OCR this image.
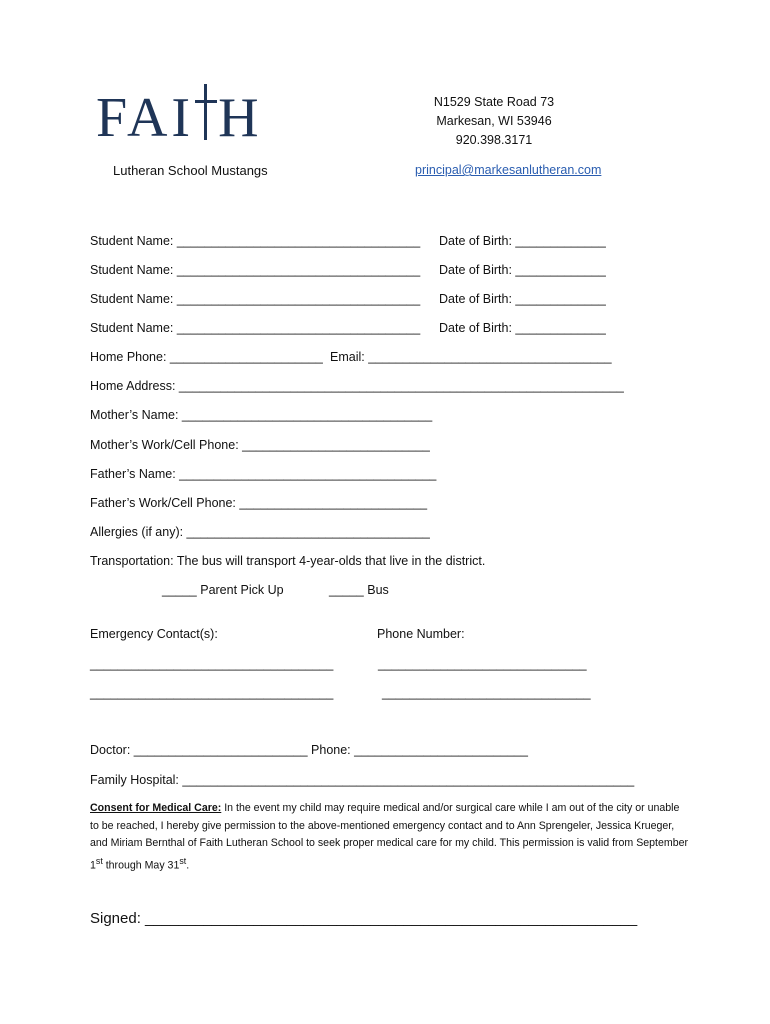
FAI H
Lutheran School Mustangs
N1529 State Road 73
Markesan, WI 53946
920.398.3171
principal@markesanlutheran.com
Student Name: ___________________________________ Date of Birth: _____________
Student Name: ___________________________________ Date of Birth: _____________
Student Name: ___________________________________ Date of Birth: _____________
Student Name: ___________________________________ Date of Birth: _____________
Home Phone: ______________________ Email: ___________________________________
Home Address: ________________________________________________________________
Mother’s Name: ____________________________________
Mother’s Work/Cell Phone: ___________________________
Father’s Name: _____________________________________
Father’s Work/Cell Phone: ___________________________
Allergies (if any): ___________________________________
Transportation: The bus will transport 4-year-olds that live in the district.
_____ Parent Pick Up	_____ Bus
Emergency Contact(s):	Phone Number:
___________________________________	______________________________
___________________________________	______________________________
Doctor: _________________________ Phone: _________________________
Family Hospital: _________________________________________________________________
Consent for Medical Care: In the event my child may require medical and/or surgical care while I am out of the city or unable to be reached, I hereby give permission to the above-mentioned emergency contact and to Ann Sprengeler, Jessica Krueger, and Miriam Bernthal of Faith Lutheran School to seek proper medical care for my child. This permission is valid from September 1st through May 31st.
Signed: ___________________________________________________________
